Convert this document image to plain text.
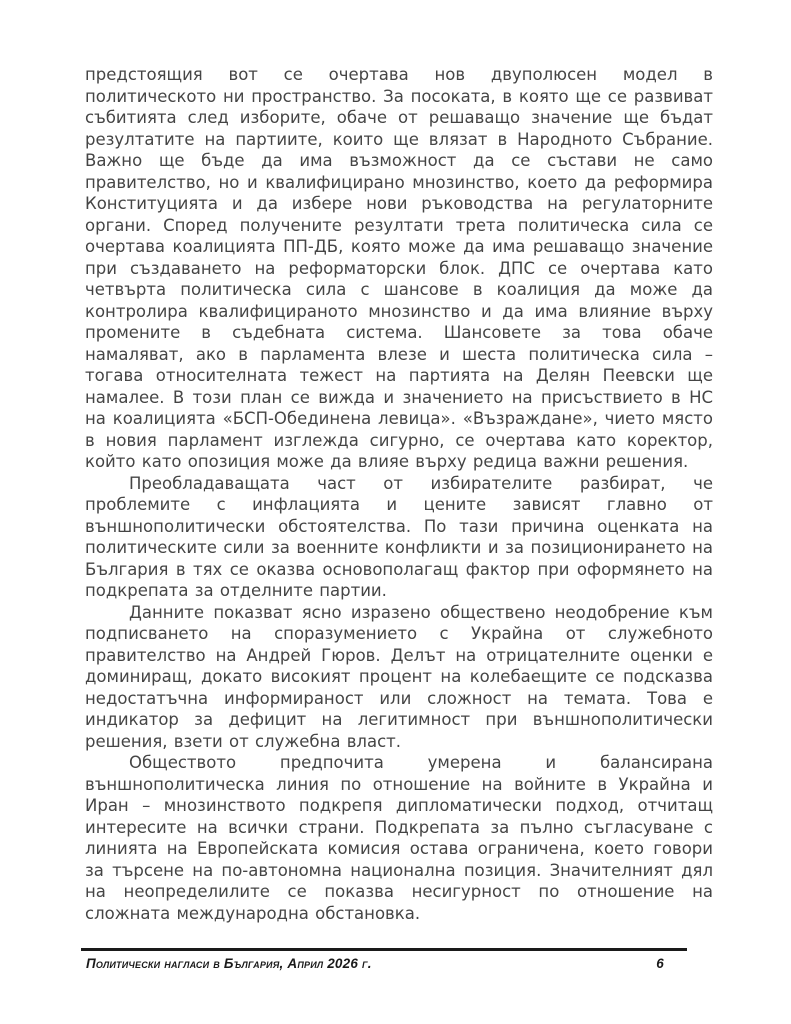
предстоящия вот се очертава нов двуполюсен модел в политическото ни пространство. За посоката, в която ще се развиват събитията след изборите, обаче от решаващо значение ще бъдат резултатите на партиите, които ще влязат в Народното Събрание. Важно ще бъде да има възможност да се състави не само правителство, но и квалифицирано мнозинство, което да реформира Конституцията и да избере нови ръководства на регулаторните органи. Според получените резултати трета политическа сила се очертава коалицията ПП-ДБ, която може да има решаващо значение при създаването на реформаторски блок. ДПС се очертава като четвърта политическа сила с шансове в коалиция да може да контролира квалифицираното мнозинство и да има влияние върху промените в съдебната система. Шансовете за това обаче намаляват, ако в парламента влезе и шеста политическа сила – тогава относителната тежест на партията на Делян Пеевски ще намалее. В този план се вижда и значението на присъствието в НС на коалицията «БСП-Обединена левица». «Възраждане», чието място в новия парламент изглежда сигурно, се очертава като коректор, който като опозиция може да влияе върху редица важни решения.

Преобладаващата част от избирателите разбират, че проблемите с инфлацията и цените зависят главно от външнополитически обстоятелства. По тази причина оценката на политическите сили за военните конфликти и за позиционирането на България в тях се оказва основополагащ фактор при оформянето на подкрепата за отделните партии.

Данните показват ясно изразено обществено неодобрение към подписването на споразумението с Украйна от служебното правителство на Андрей Гюров. Делът на отрицателните оценки е доминиращ, докато високият процент на колебаещите се подсказва недостатъчна информираност или сложност на темата. Това е индикатор за дефицит на легитимност при външнополитически решения, взети от служебна власт.

Обществото предпочита умерена и балансирана външнополитическа линия по отношение на войните в Украйна и Иран – мнозинството подкрепя дипломатически подход, отчитащ интересите на всички страни. Подкрепата за пълно съгласуване с линията на Европейската комисия остава ограничена, което говори за търсене на по-автономна национална позиция. Значителният дял на неопределилите се показва несигурност по отношение на сложната международна обстановка.

Политически нагласи в България, Април 2026 г.	6
